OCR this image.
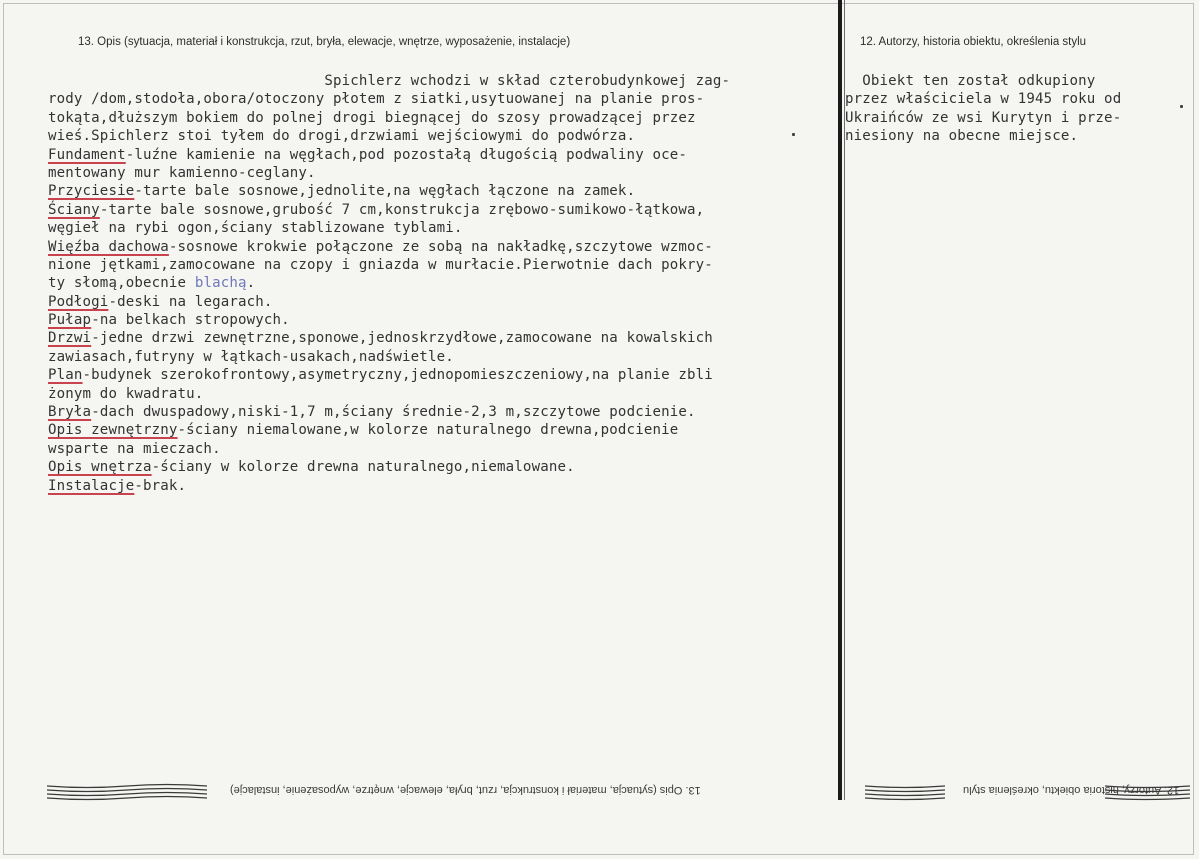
13. Opis (sytuacja, materiał i konstrukcja, rzut, bryła, elewacje, wnętrze, wyposażenie, instalacje)	12. Autorzy, historia obiektu, określenia stylu
Spichlerz wchodzi w skład czterobudynkowej zag-
rody /dom,stodoła,obora/otoczony płotem z siatki,usytuowanej na planie pros-
tokąta,dłuższym bokiem do polnej drogi biegnącej do szosy prowadzącej przez
wieś.Spichlerz stoi tyłem do drogi,drzwiami wejściowymi do podwórza.
Fundament-luźne kamienie na węgłach,pod pozostałą długością podwaliny oce-
mentowany mur kamienno-ceglany.
Przyciesie-tarte bale sosnowe,jednolite,na węgłach łączone na zamek.
Ściany-tarte bale sosnowe,grubość 7 cm,konstrukcja zrębowo-sumikowo-łątkowa,
węgieł na rybi ogon,ściany stablizowane tyblami.
Więźba dachowa-sosnowe krokwie połączone ze sobą na nakładkę,szczytowe wzmoc-
nione jętkami,zamocowane na czopy i gniazda w murłacie.Pierwotnie dach pokry-
ty słomą,obecnie blachą.
Podłogi-deski na legarach.
Pułap-na belkach stropowych.
Drzwi-jedne drzwi zewnętrzne,sponowe,jednoskrzydłowe,zamocowane na kowalskich
zawiasach,futryny w łątkach-usakach,nadświetle.
Plan-budynek szerokofrontowy,asymetryczny,jednopomieszczeniowy,na planie zbli
żonym do kwadratu.
Bryła-dach dwuspadowy,niski-1,7 m,ściany średnie-2,3 m,szczytowe podcienie.
Opis zewnętrzny-ściany niemalowane,w kolorze naturalnego drewna,podcienie
wsparte na mieczach.
Opis wnętrza-ściany w kolorze drewna naturalnego,niemalowane.
Instalacje-brak.
Obiekt ten został odkupiony
przez właściciela w 1945 roku od
Ukraińców ze wsi Kurytyn i prze-
niesiony na obecne miejsce.
13. Opis (sytuacja, materiał i konstrukcja, rzut, bryła, elewacje, wnętrze, wyposażenie, instalacje)	12. Autorzy, historia obiektu, określenia stylu
